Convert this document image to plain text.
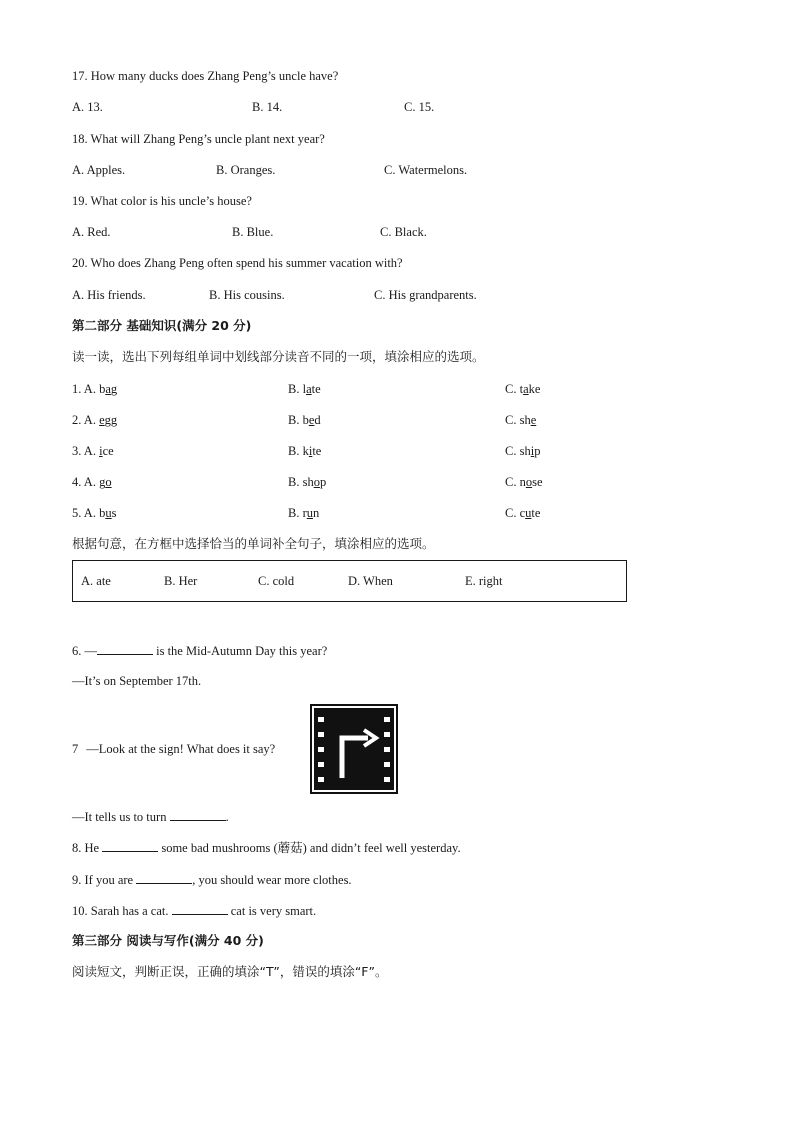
17. How many ducks does Zhang Peng’s uncle have?
A. 13.	B. 14.	C. 15.
18. What will Zhang Peng’s uncle plant next year?
A. Apples.	B. Oranges.	C. Watermelons.
19. What color is his uncle’s house?
A. Red.	B. Blue.	C. Black.
20. Who does Zhang Peng often spend his summer vacation with?
A. His friends.	B. His cousins.	C. His grandparents.
第二部分 基础知识(满分 20 分)
读一读，选出下列每组单词中划线部分读音不同的一项，填涂相应的选项。
1. A. bag	B. late	C. take
2. A. egg	B. bed	C. she
3. A. ice	B. kite	C. ship
4. A. go	B. shop	C. nose
5. A. bus	B. run	C. cute
根据句意，在方框中选择恰当的单词补全句子，填涂相应的选项。
A. ate	B. Her	C. cold	D. When	E. right
6. —	is the Mid-Autumn Day this year?
—It’s on September 17th.
7 —Look at the sign! What does it say?
—It tells us to turn	.
8. He	some bad mushrooms (蘑菇) and didn’t feel well yesterday.
9. If you are	, you should wear more clothes.
10. Sarah has a cat.	cat is very smart.
第三部分 阅读与写作(满分 40 分)
阅读短文，判断正误，正确的填涂“T”，错误的填涂“F”。
